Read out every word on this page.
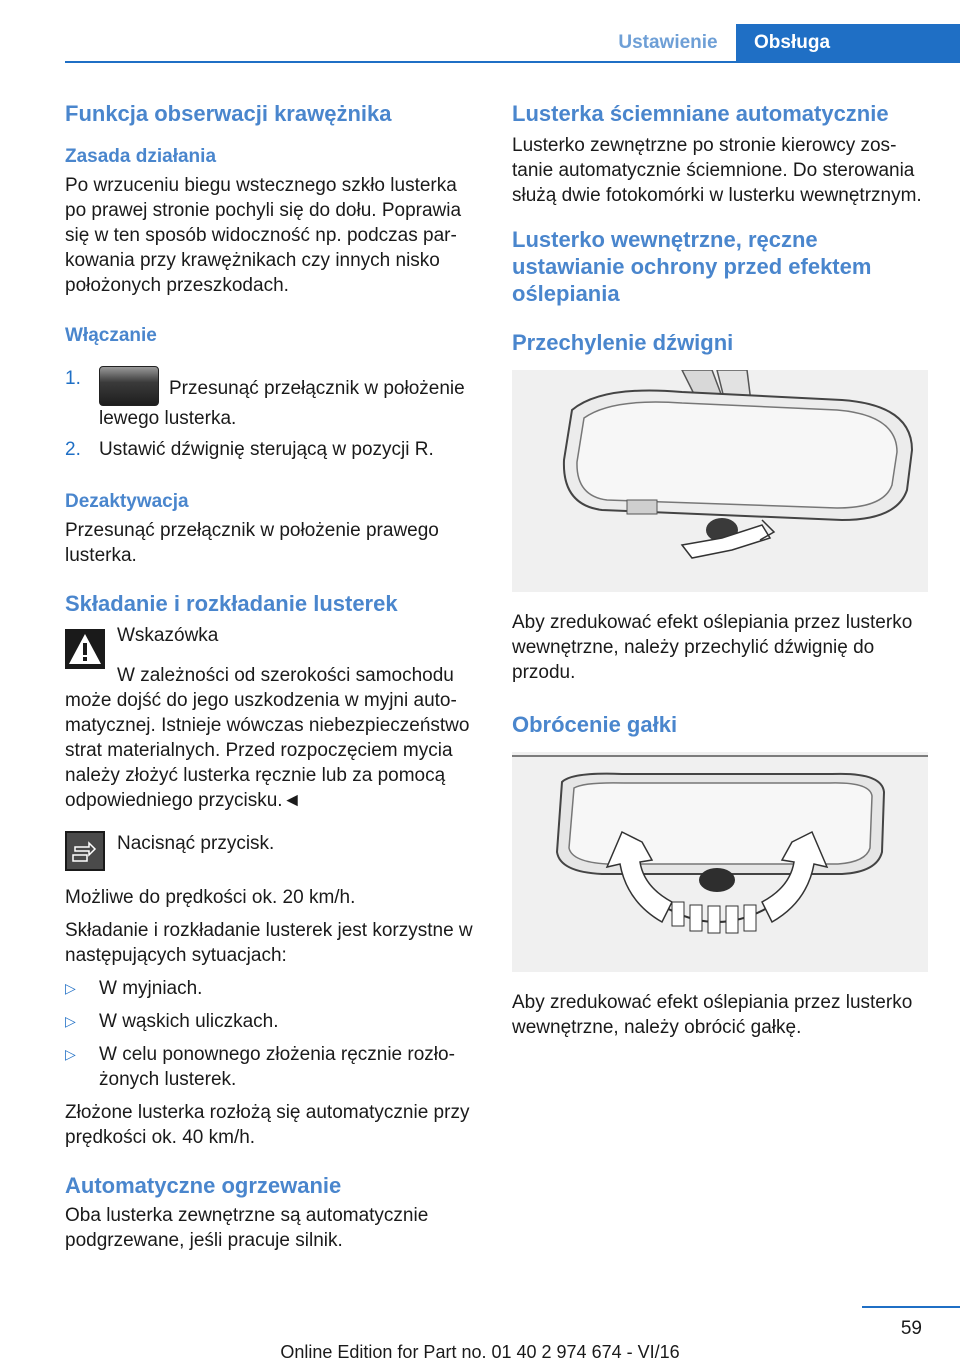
Ustawienie	Obsługa
Funkcja obserwacji krawężnika
Zasada działania

Po wrzuceniu biegu wstecznego szkło lusterka po prawej stronie pochyli się do dołu. Poprawia się w ten sposób widoczność np. podczas parkowania przy krawężnikach czy innych nisko położonych przeszkodach.

Włączanie
1.	Przesunąć przełącznik w położenie lewego lusterka.
2. Ustawić dźwignię sterującą w pozycji R.
Dezaktywacja

Przesunąć przełącznik w położenie prawego lusterka.

Składanie i rozkładanie lusterek

Wskazówka

W zależności od szerokości samochodu może dojść do jego uszkodzenia w myjni automatycznej. Istnieje wówczas niebezpieczeństwo strat materialnych. Przed rozpoczęciem mycia należy złożyć lusterka ręcznie lub za pomocą odpowiedniego przycisku.◄

Nacisnąć przycisk.

Możliwe do prędkości ok. 20 km/h.

Składanie i rozkładanie lusterek jest korzystne w następujących sytuacjach:

▷	W myjniach.
▷	W wąskich uliczkach.
▷	W celu ponownego złożenia ręcznie rozłożonych lusterek.

Złożone lusterka rozłożą się automatycznie przy prędkości ok. 40 km/h.

Automatyczne ogrzewanie

Oba lusterka zewnętrzne są automatycznie podgrzewane, jeśli pracuje silnik.

Lusterka ściemniane automatycznie

Lusterko zewnętrzne po stronie kierowcy zostanie automatycznie ściemnione. Do sterowania służą dwie fotokomórki w lusterku wewnętrznym.

Lusterko wewnętrzne, ręczne ustawianie ochrony przed efektem oślepiania
Przechylenie dźwigni

Aby zredukować efekt oślepiania przez lusterko wewnętrzne, należy przechylić dźwignię do przodu.

Obrócenie gałki

Aby zredukować efekt oślepiania przez lusterko wewnętrzne, należy obrócić gałkę.

59
Online Edition for Part no. 01 40 2 974 674 - VI/16
